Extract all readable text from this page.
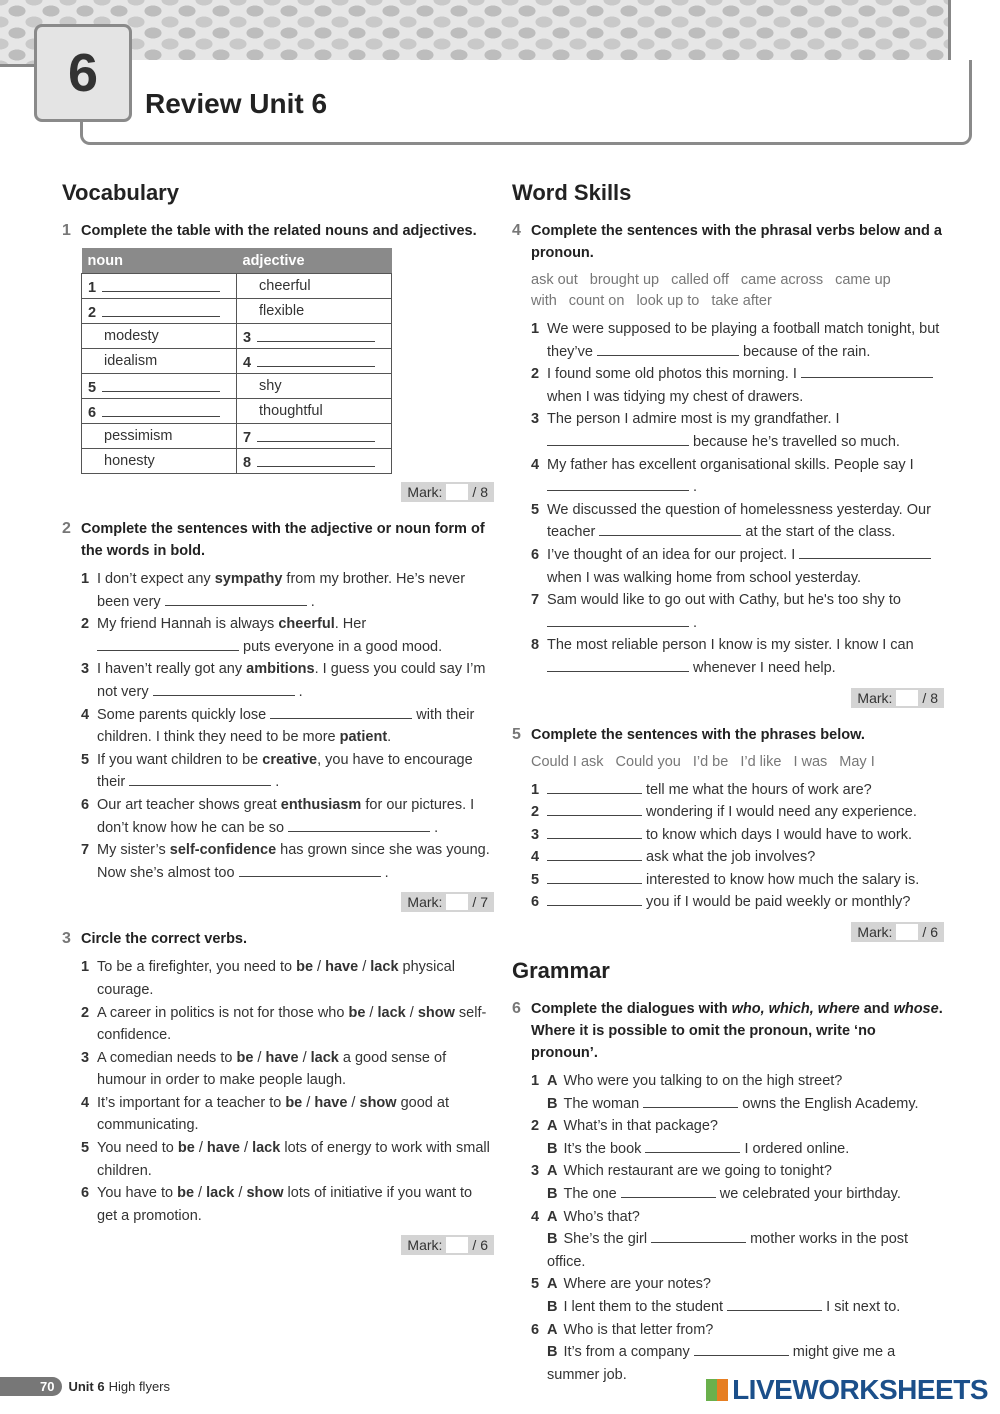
6
Review Unit 6
Vocabulary
1 Complete the table with the related nouns and adjectives.
noun	adjective
1	cheerful
2	flexible
modesty	3
idealism	4
5	shy
6	thoughtful
pessimism	7
honesty	8
Mark: / 8
2 Complete the sentences with the adjective or noun form of the words in bold.
1 I don’t expect any sympathy from my brother. He’s never been very	.
2 My friend Hannah is always cheerful. Her  puts everyone in a good mood.
3 I haven’t really got any ambitions. I guess you could say I’m not very	.
4 Some parents quickly lose	with their children. I think they need to be more patient.
5 If you want children to be creative, you have to encourage their	.
6 Our art teacher shows great enthusiasm for our pictures. I don’t know how he can be so	.
7 My sister’s self-confidence has grown since she was young. Now she’s almost too	.
Mark: / 7
3 Circle the correct verbs.
1 To be a firefighter, you need to be / have / lack physical courage.
2 A career in politics is not for those who be / lack / show self-confidence.
3 A comedian needs to be / have / lack a good sense of humour in order to make people laugh.
4 It’s important for a teacher to be / have / show good at communicating.
5 You need to be / have / lack lots of energy to work with small children.
6 You have to be / lack / show lots of initiative if you want to get a promotion.
Mark: / 6
Word Skills
4 Complete the sentences with the phrasal verbs below and a pronoun.
ask out brought up called off came across came up with count on look up to take after
1 We were supposed to be playing a football match tonight, but they’ve	because of the rain.
2 I found some old photos this morning. I  when I was tidying my chest of drawers.
3 The person I admire most is my grandfather. I  because he’s travelled so much.
4 My father has excellent organisational skills. People say I  .
5 We discussed the question of homelessness yesterday. Our teacher	at the start of the class.
6 I’ve thought of an idea for our project. I  when I was walking home from school yesterday.
7 Sam would like to go out with Cathy, but he's too shy to  .
8 The most reliable person I know is my sister. I know I can  whenever I need help.
Mark: / 8
5 Complete the sentences with the phrases below.
Could I ask Could you I’d be I’d like I was May I
1	tell me what the hours of work are?
2	wondering if I would need any experience.
3	to know which days I would have to work.
4	ask what the job involves?
5	interested to know how much the salary is.
6	you if I would be paid weekly or monthly?
Mark: / 6
Grammar
6 Complete the dialogues with who, which, where and whose. Where it is possible to omit the pronoun, write ‘no pronoun’.
1 A Who were you talking to on the high street?
B The woman	owns the English Academy.
2 A What’s in that package?
B It’s the book	I ordered online.
3 A Which restaurant are we going to tonight?
B The one	we celebrated your birthday.
4 A Who’s that?
B She’s the girl	mother works in the post office.
5 A Where are your notes?
B I lent them to the student	I sit next to.
6 A Who is that letter from?
B It’s from a company	might give me a summer job.
70	Unit 6 High flyers	LIVEWORKSHEETS
